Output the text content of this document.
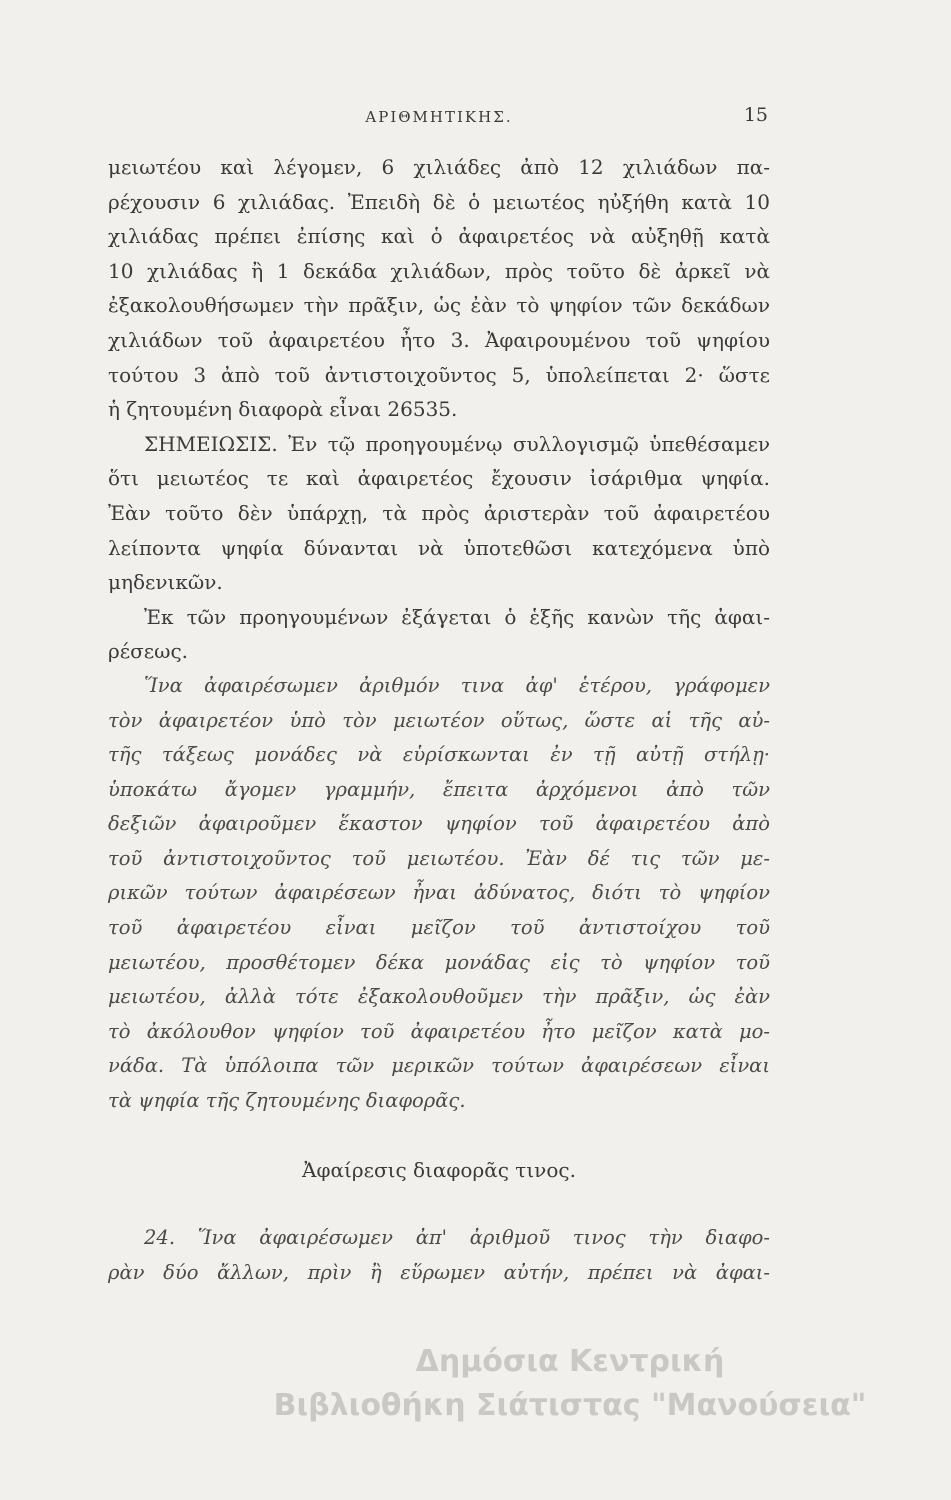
ΑΡΙΘΜΗΤΙΚΗΣ.	15
μειωτέου καὶ λέγομεν, 6 χιλιάδες ἀπὸ 12 χιλιάδων πα-
ρέχουσιν 6 χιλιάδας. Ἐπειδὴ δὲ ὁ μειωτέος ηὐξήθη κατὰ 10
χιλιάδας πρέπει ἐπίσης καὶ ὁ ἀφαιρετέος νὰ αὐξηθῇ κατὰ
10 χιλιάδας ἢ 1 δεκάδα χιλιάδων, πρὸς τοῦτο δὲ ἀρκεῖ νὰ
ἐξακολουθήσωμεν τὴν πρᾶξιν, ὡς ἐὰν τὸ ψηφίον τῶν δεκάδων
χιλιάδων τοῦ ἀφαιρετέου ἦτο 3. Ἀφαιρουμένου τοῦ ψηφίου
τούτου 3 ἀπὸ τοῦ ἀντιστοιχοῦντος 5, ὑπολείπεται 2· ὥστε
ἡ ζητουμένη διαφορὰ εἶναι 26535.
ΣΗΜΕΙΩΣΙΣ. Ἐν τῷ προηγουμένῳ συλλογισμῷ ὑπεθέσαμεν
ὅτι μειωτέος τε καὶ ἀφαιρετέος ἔχουσιν ἰσάριθμα ψηφία.
Ἐὰν τοῦτο δὲν ὑπάρχῃ, τὰ πρὸς ἀριστερὰν τοῦ ἀφαιρετέου
λείποντα ψηφία δύνανται νὰ ὑποτεθῶσι κατεχόμενα ὑπὸ
μηδενικῶν.
Ἐκ τῶν προηγουμένων ἐξάγεται ὁ ἑξῆς κανὼν τῆς ἀφαι-
ρέσεως.
Ἵνα ἀφαιρέσωμεν ἀριθμόν τινα ἀφ' ἑτέρου, γράφομεν
τὸν ἀφαιρετέον ὑπὸ τὸν μειωτέον οὕτως, ὥστε αἱ τῆς αὐ-
τῆς τάξεως μονάδες νὰ εὑρίσκωνται ἐν τῇ αὐτῇ στήλῃ·
ὑποκάτω ἄγομεν γραμμήν, ἔπειτα ἀρχόμενοι ἀπὸ τῶν
δεξιῶν ἀφαιροῦμεν ἕκαστον ψηφίον τοῦ ἀφαιρετέου ἀπὸ
τοῦ ἀντιστοιχοῦντος τοῦ μειωτέου. Ἐὰν δέ τις τῶν με-
ρικῶν τούτων ἀφαιρέσεων ἦναι ἀδύνατος, διότι τὸ ψηφίον
τοῦ ἀφαιρετέου εἶναι μεῖζον τοῦ ἀντιστοίχου τοῦ
μειωτέου, προσθέτομεν δέκα μονάδας εἰς τὸ ψηφίον τοῦ
μειωτέου, ἀλλὰ τότε ἐξακολουθοῦμεν τὴν πρᾶξιν, ὡς ἐὰν
τὸ ἀκόλουθον ψηφίον τοῦ ἀφαιρετέου ἦτο μεῖζον κατὰ μο-
νάδα. Τὰ ὑπόλοιπα τῶν μερικῶν τούτων ἀφαιρέσεων εἶναι
τὰ ψηφία τῆς ζητουμένης διαφορᾶς.
Ἀφαίρεσις διαφορᾶς τινος.
24. Ἵνα ἀφαιρέσωμεν ἀπ' ἀριθμοῦ τινος τὴν διαφο-
ρὰν δύο ἄλλων, πρὶν ἢ εὕρωμεν αὐτήν, πρέπει νὰ ἀφαι-
Δημόσια Κεντρική
Βιβλιοθήκη Σιάτιστας "Μανούσεια"
